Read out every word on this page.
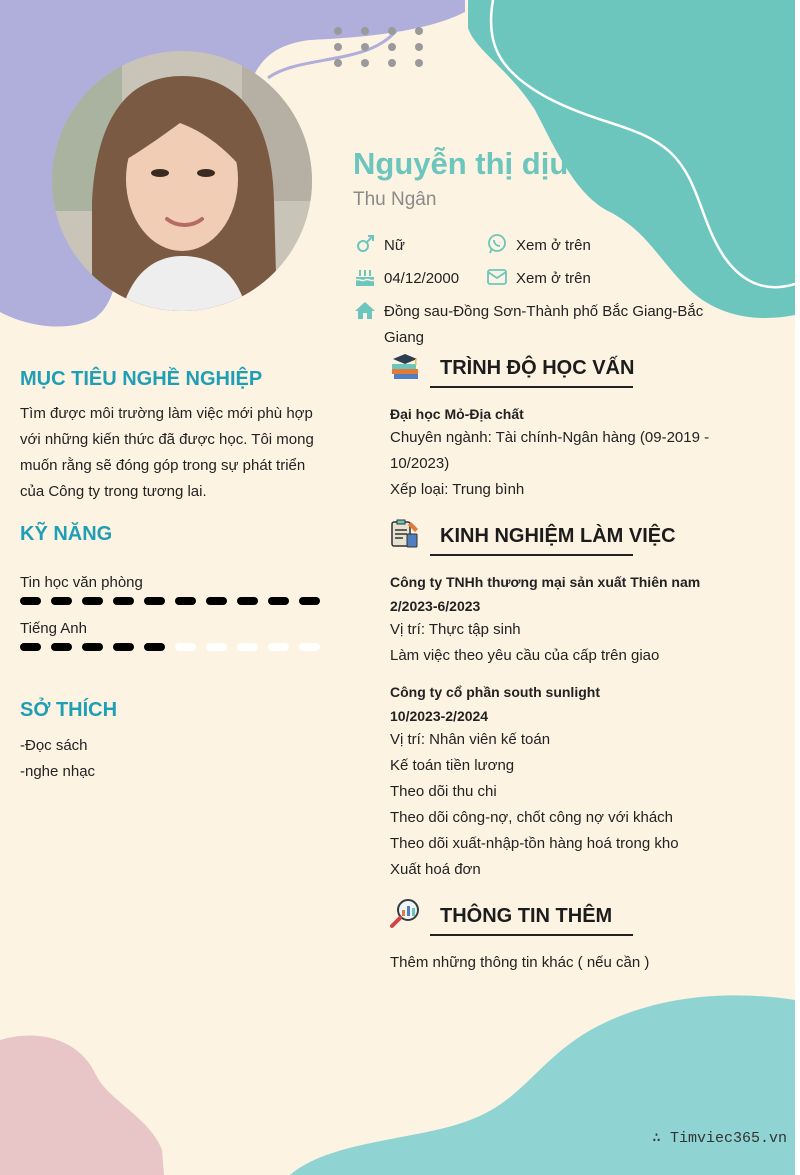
Nguyễn thị dịu
Thu Ngân
Nữ	Xem ở trên
04/12/2000	Xem ở trên
Đồng sau-Đồng Sơn-Thành phố Bắc Giang-Bắc
Giang
MỤC TIÊU NGHỀ NGHIỆP
Tìm được môi trường làm việc mới phù hợp
với những kiến thức đã được học. Tôi mong
muốn rằng sẽ đóng góp trong sự phát triển
của Công ty trong tương lai.
KỸ NĂNG
Tin học văn phòng
Tiếng Anh
SỞ THÍCH
-Đọc sách
-nghe nhạc
TRÌNH ĐỘ HỌC VẤN
Đại học Mỏ-Địa chất
Chuyên ngành: Tài chính-Ngân hàng (09-2019 -
10/2023)
Xếp loại: Trung bình
KINH NGHIỆM LÀM VIỆC
Công ty TNHh thương mại sản xuất Thiên nam
2/2023-6/2023
Vị trí: Thực tập sinh
Làm việc theo yêu cầu của cấp trên giao
Công ty cổ phần south sunlight
10/2023-2/2024
Vị trí: Nhân viên kế toán
Kế toán tiền lương
Theo dõi thu chi
Theo dõi công-nợ, chốt công nợ với khách
Theo dõi xuất-nhập-tồn hàng hoá trong kho
Xuất hoá đơn
THÔNG TIN THÊM
Thêm những thông tin khác ( nếu cần )
∴ Timviec365.vn
